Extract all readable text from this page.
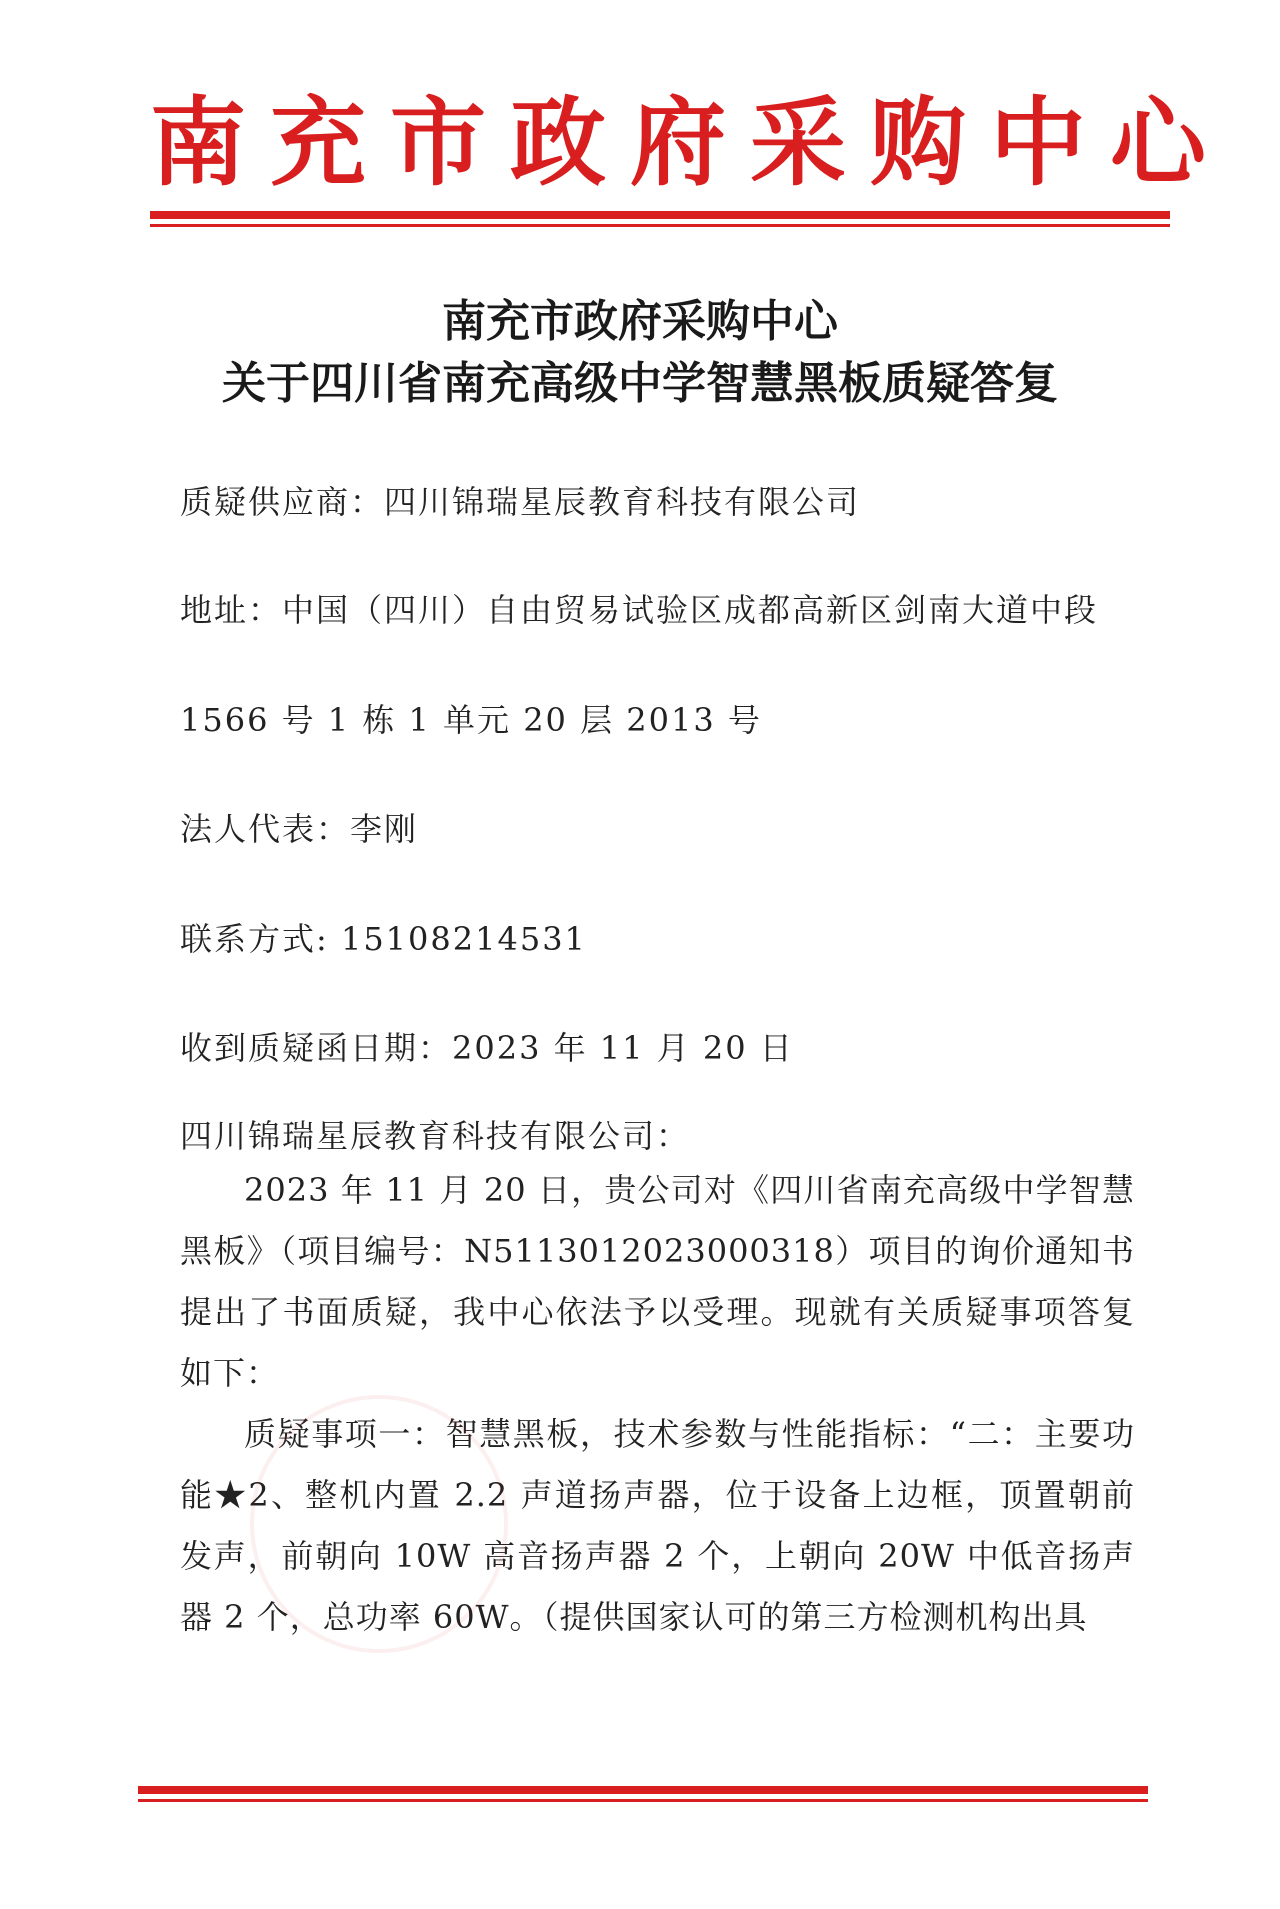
南充市政府采购中心
南充市政府采购中心
关于四川省南充高级中学智慧黑板质疑答复
质疑供应商：四川锦瑞星辰教育科技有限公司
地址：中国（四川）自由贸易试验区成都高新区剑南大道中段
1566 号 1 栋 1 单元 20 层 2013 号
法人代表：李刚
联系方式: 15108214531
收到质疑函日期：2023 年 11 月 20 日
四川锦瑞星辰教育科技有限公司：

2023 年 11 月 20 日，贵公司对《四川省南充高级中学智慧黑板》（项目编号：N5113012023000318）项目的询价通知书提出了书面质疑，我中心依法予以受理。现就有关质疑事项答复如下：

质疑事项一：智慧黑板，技术参数与性能指标：“二：主要功能★2、整机内置 2.2 声道扬声器，位于设备上边框，顶置朝前发声，前朝向 10W 高音扬声器 2 个，上朝向 20W 中低音扬声器 2 个，总功率 60W。（提供国家认可的第三方检测机构出具
